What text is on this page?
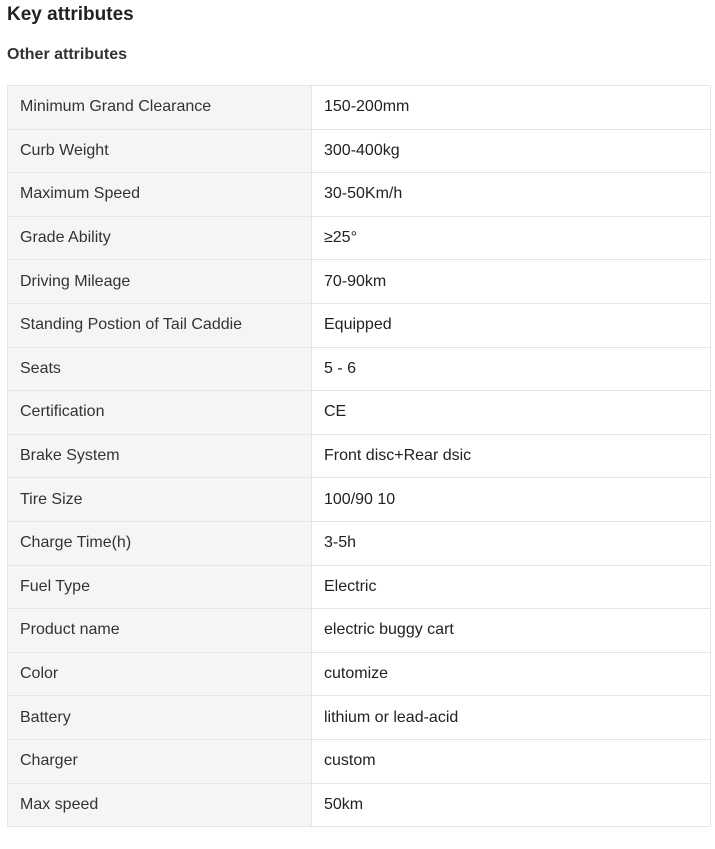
Key attributes
Other attributes
Minimum Grand Clearance	150-200mm
Curb Weight	300-400kg
Maximum Speed	30-50Km/h
Grade Ability	≥25°
Driving Mileage	70-90km
Standing Postion of Tail Caddie	Equipped
Seats	5 - 6
Certification	CE
Brake System	Front disc+Rear dsic
Tire Size	100/90 10
Charge Time(h)	3-5h
Fuel Type	Electric
Product name	electric buggy cart
Color	cutomize
Battery	lithium or lead-acid
Charger	custom
Max speed	50km
